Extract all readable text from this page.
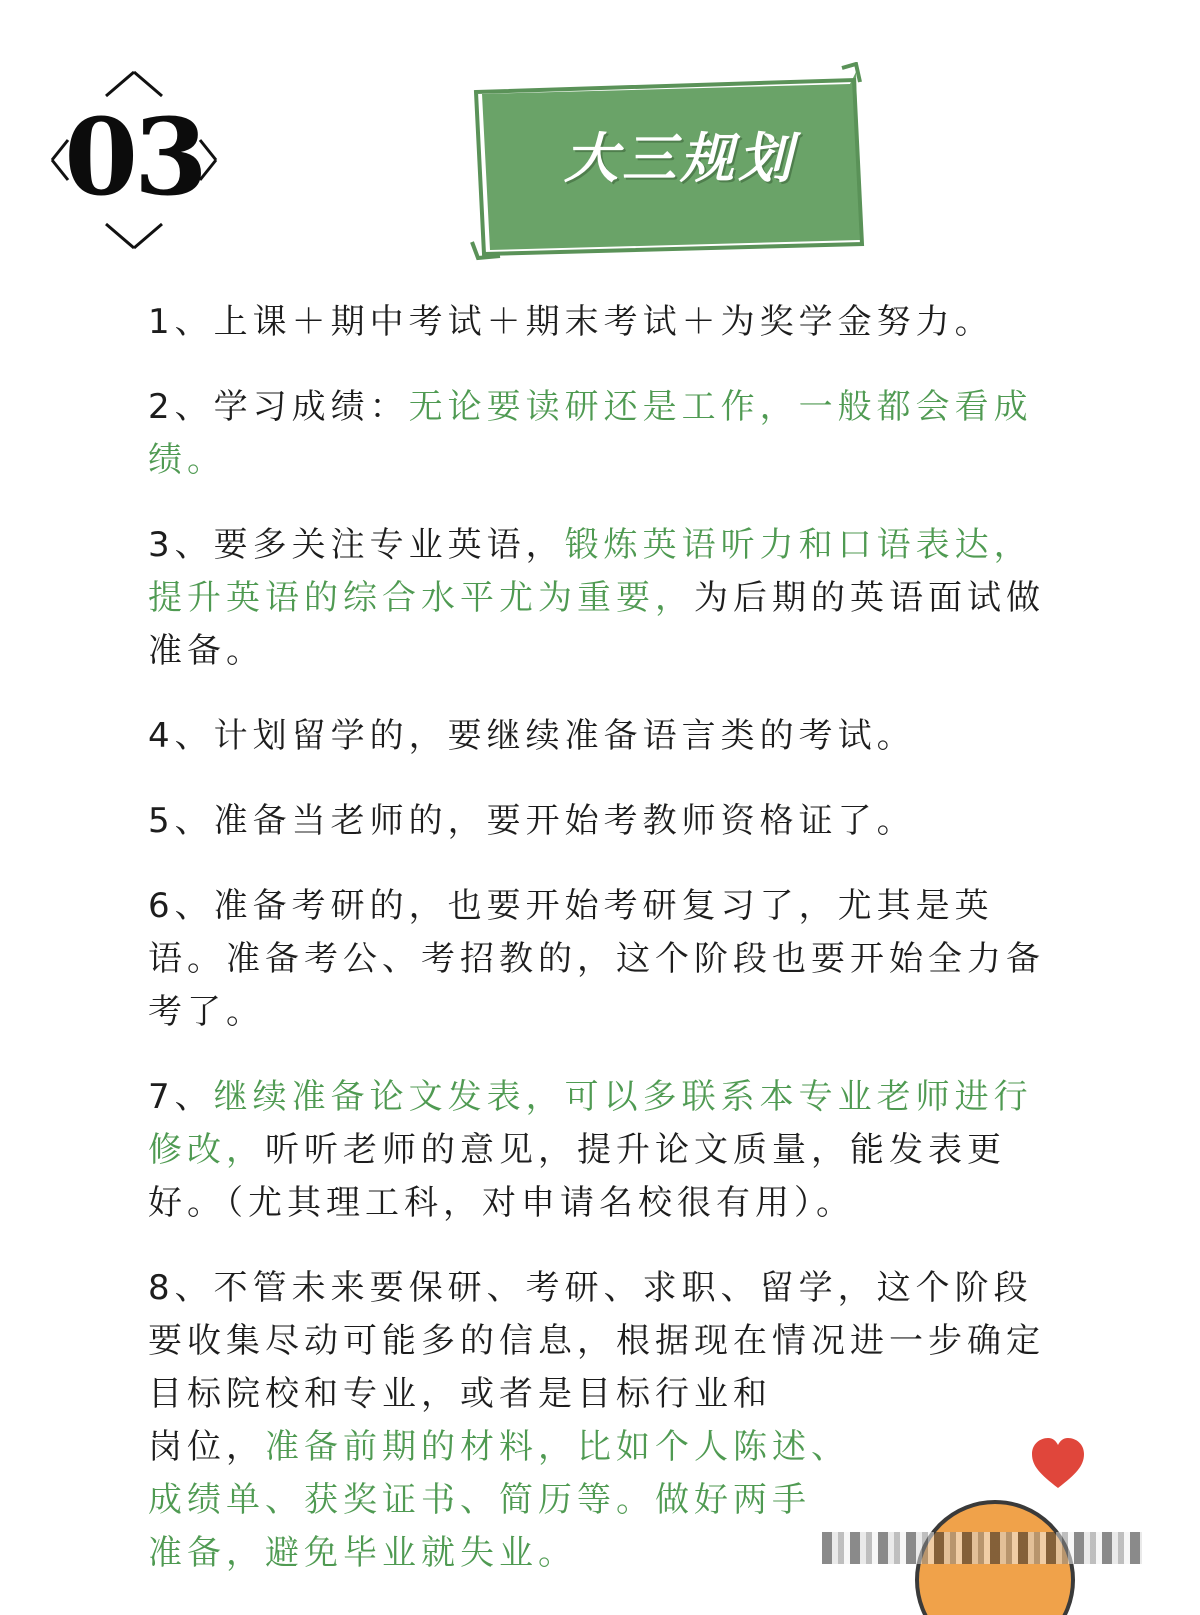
03	大三规划
1、上课＋期中考试＋期末考试＋为奖学金努力。
2、学习成绩：无论要读研还是工作，一般都会看成绩。
3、要多关注专业英语，锻炼英语听力和口语表达，提升英语的综合水平尤为重要，为后期的英语面试做准备。
4、计划留学的，要继续准备语言类的考试。
5、准备当老师的，要开始考教师资格证了。
6、准备考研的，也要开始考研复习了，尤其是英语。准备考公、考招教的，这个阶段也要开始全力备考了。
7、继续准备论文发表，可以多联系本专业老师进行修改，听听老师的意见，提升论文质量，能发表更好。（尤其理工科，对申请名校很有用）。
8、不管未来要保研、考研、求职、留学，这个阶段要收集尽动可能多的信息，根据现在情况进一步确定目标院校和专业，或者是目标行业和
岗位，准备前期的材料，比如个人陈述、
成绩单、获奖证书、简历等。做好两手
准备，避免毕业就失业。
